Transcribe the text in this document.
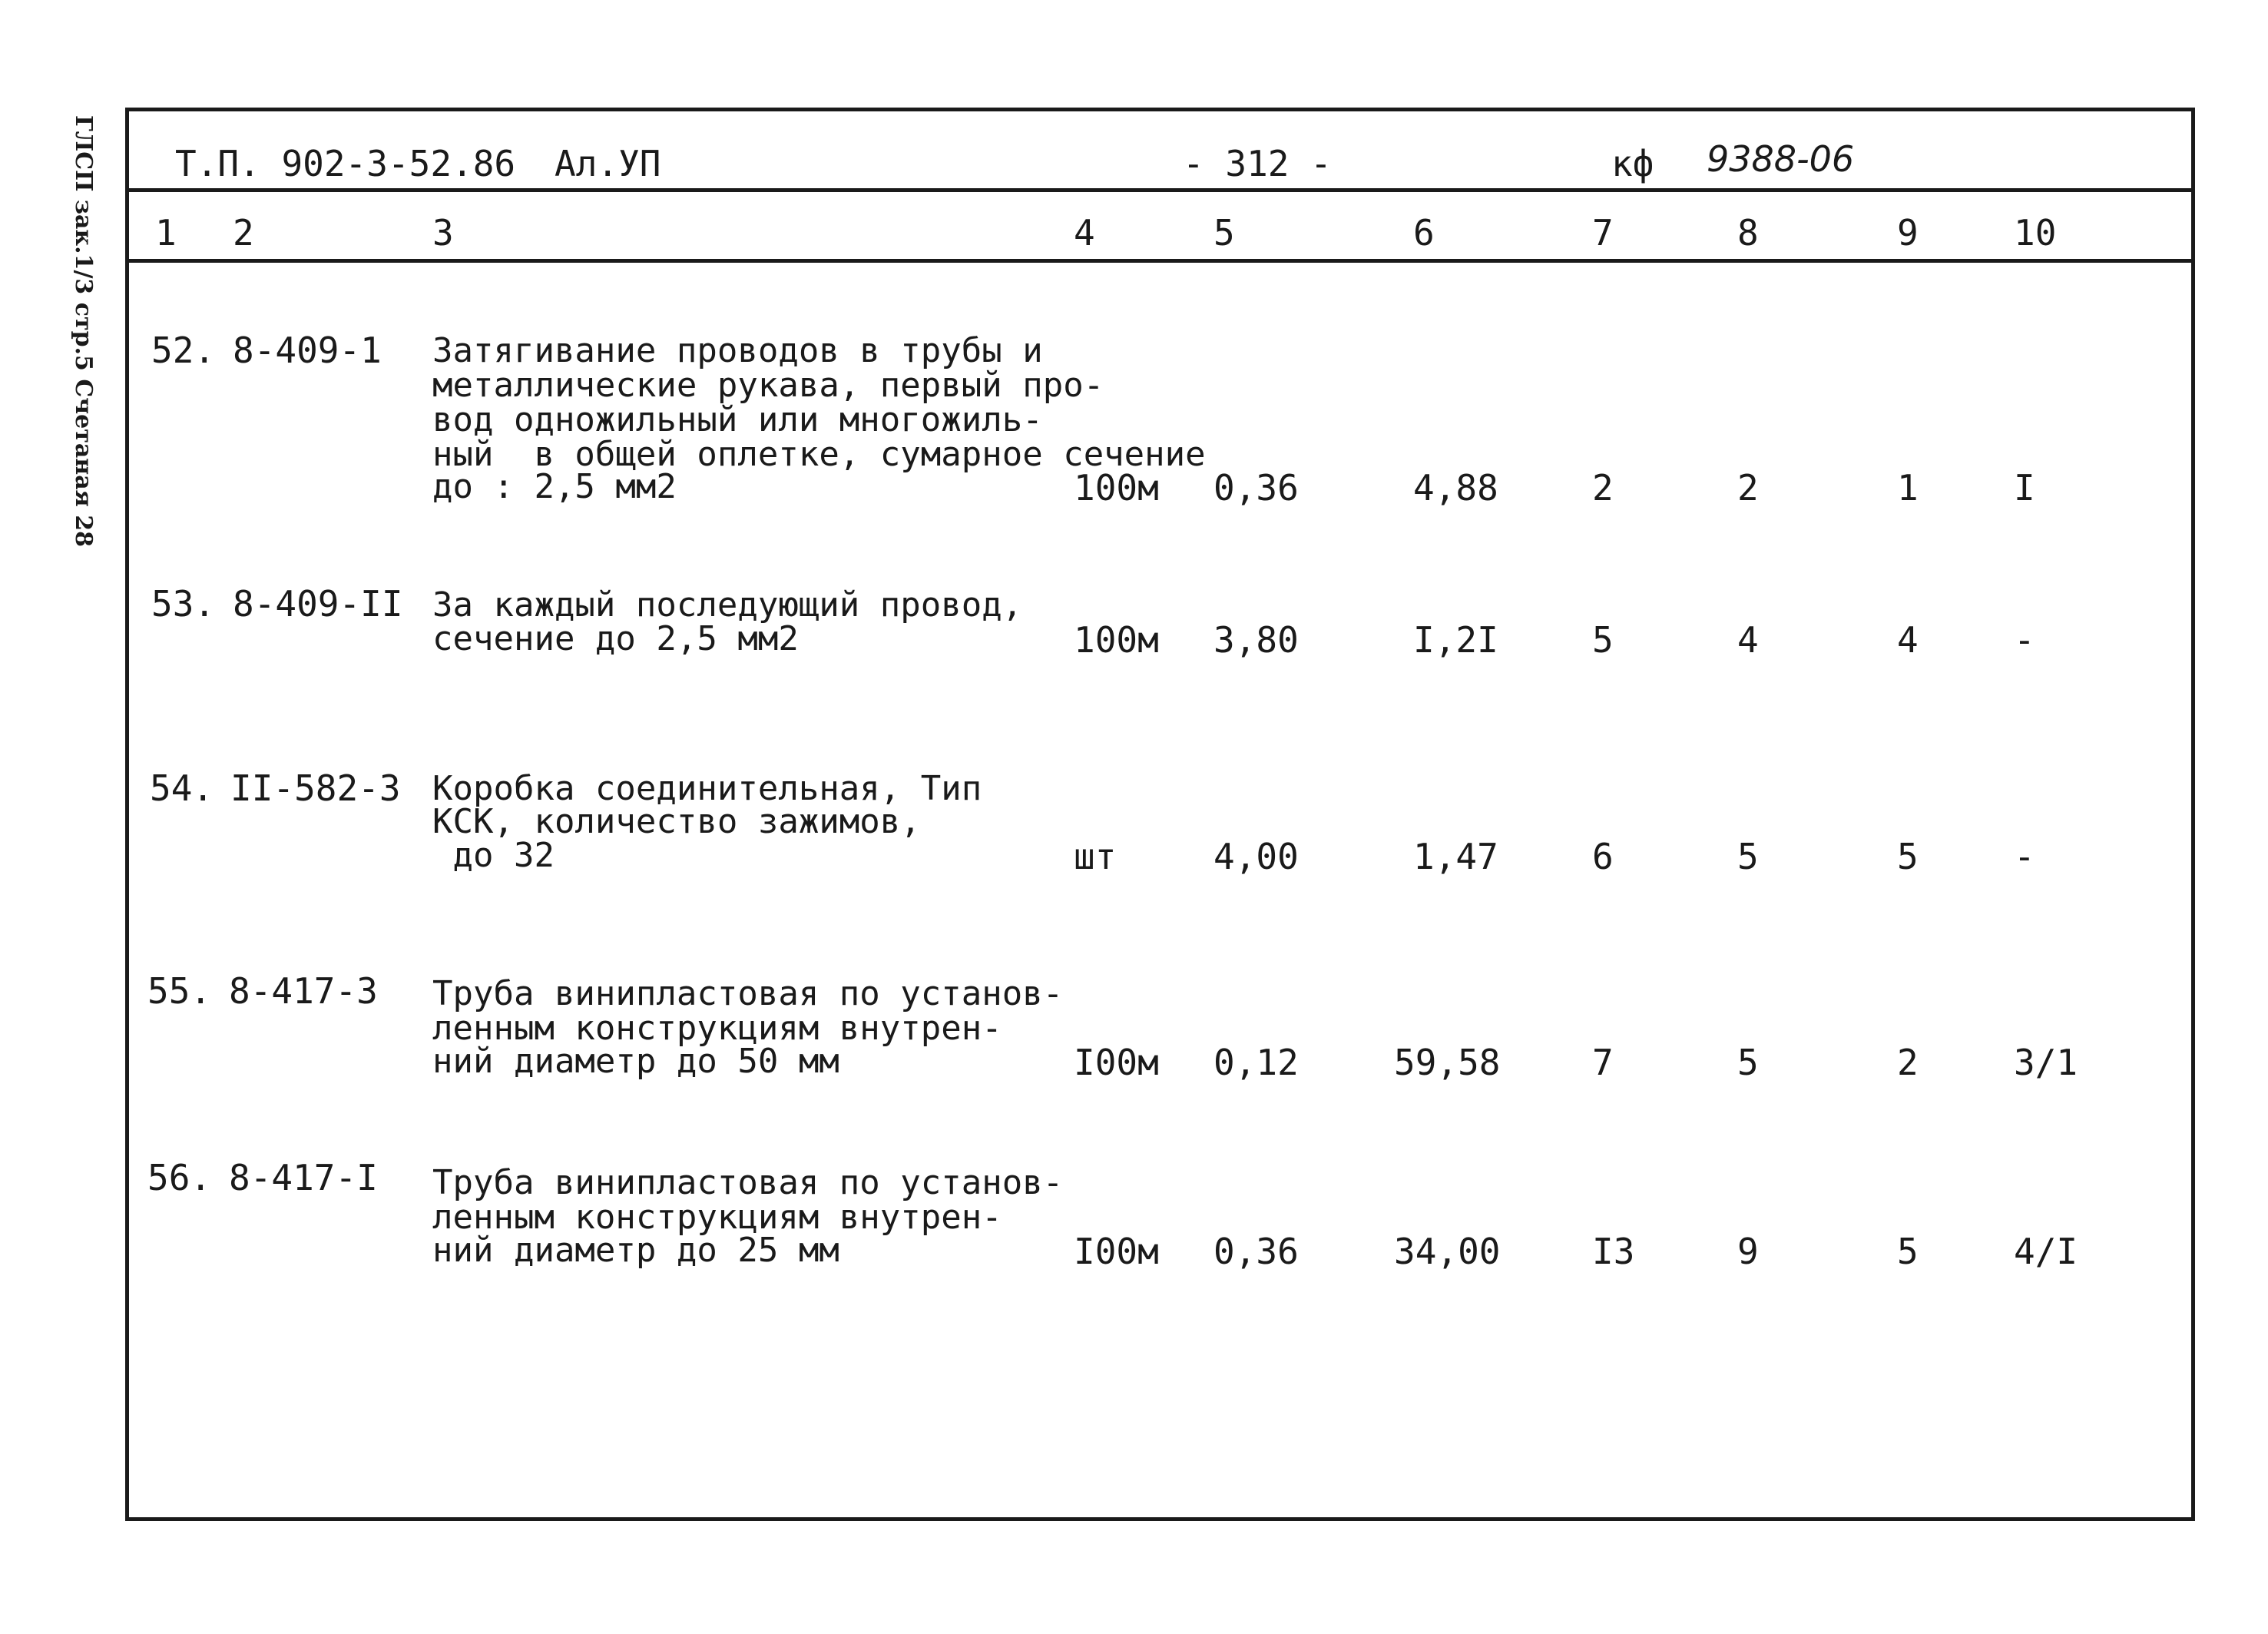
ГЛСП зак.1/3 стр.5 Счетаная 28 Т.П. 902-3-52.86 Ал.УП	- 312 -	кф 9388-06
1 2	3	4	5	6	7	8	9	10
52. 8-409-1 Затягивание проводов в трубы и
металлические рукава, первый про-
вод одножильный или многожиль-
ный  в общей оплетке, сумарное сечение
до : 2,5 мм2	100м 0,36	4,88	2	2	1	I
53. 8-409-II За каждый последующий провод,
сечение до 2,5 мм2	100м 3,80	I,2I	5	4	4	-
54. II-582-3 Коробка соединительная, Тип
КСК, количество зажимов,
до 32	шт	4,00	1,47	6	5	5	-
55. 8-417-3 Труба винипластовая по установ-
ленным конструкциям внутрен-
ний диаметр до 50 мм	I00м 0,12	59,58	7	5	2	3/1
56. 8-417-I Труба винипластовая по установ-
ленным конструкциям внутрен-
ний диаметр до 25 мм	I00м 0,36	34,00	I3	9	5	4/I
